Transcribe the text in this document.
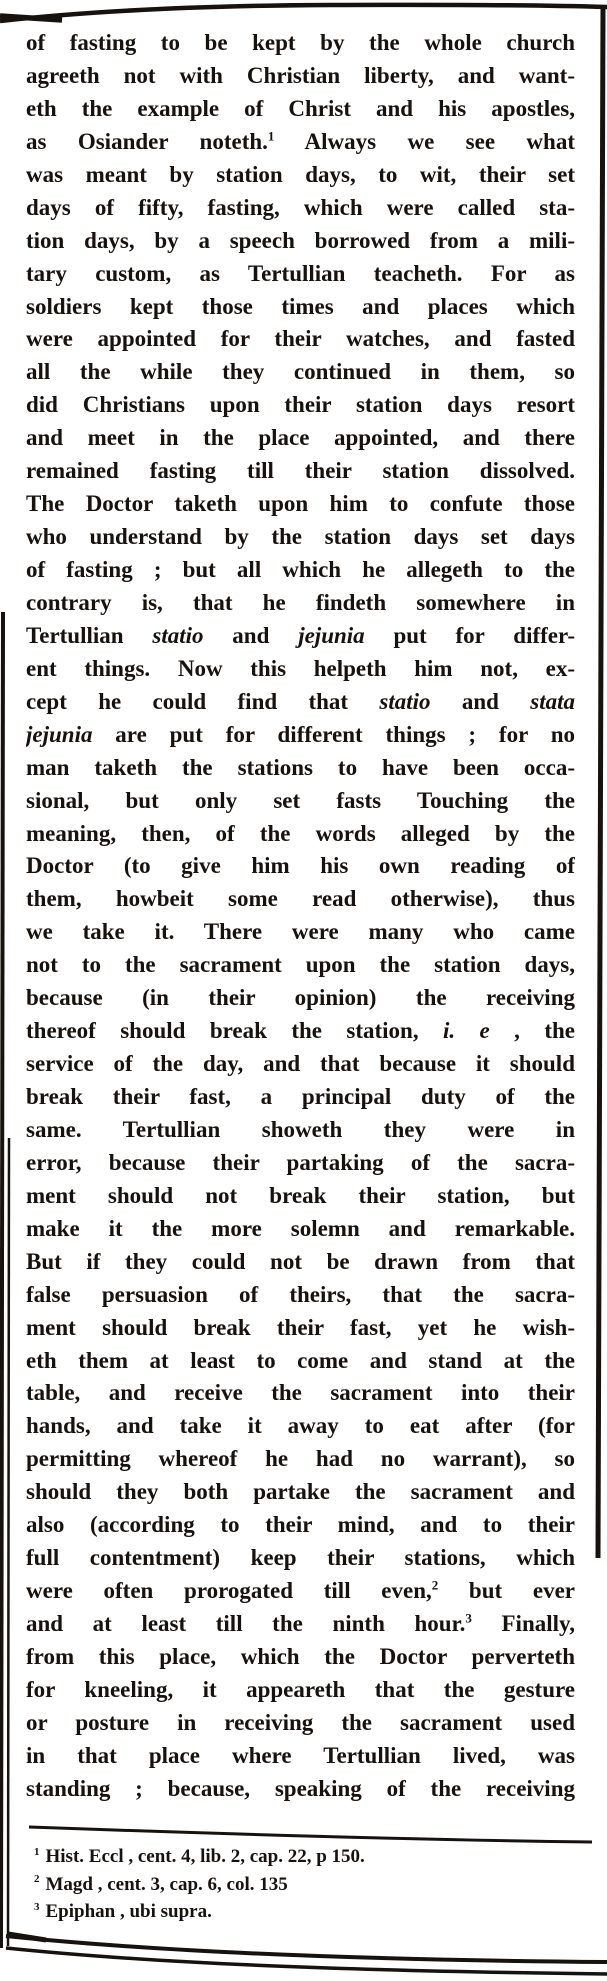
of fasting to be kept by the whole church
agreeth not with Christian liberty, and want-
eth the example of Christ and his apostles,
as Osiander noteth.$^1$ Always we see what
was meant by station days, to wit, their set
days of fifty, fasting, which were called sta-
tion days, by a speech borrowed from a mili-
tary custom, as Tertullian teacheth. For as
soldiers kept those times and places which
were appointed for their watches, and fasted
all the while they continued in them, so
did Christians upon their station days resort
and meet in the place appointed, and there
remained fasting till their station dissolved.
The Doctor taketh upon him to confute those
who understand by the station days set days
of fasting ; but all which he allegeth to the
contrary is, that he findeth somewhere in
Tertullian statio and jejunia put for differ-
ent things. Now this helpeth him not, ex-
cept he could find that statio and stata
jejunia are put for different things ; for no
man taketh the stations to have been occa-
sional, but only set fasts Touching the
meaning, then, of the words alleged by the
Doctor (to give him his own reading of
them, howbeit some read otherwise), thus
we take it. There were many who came
not to the sacrament upon the station days,
because (in their opinion) the receiving
thereof should break the station, i. e , the
service of the day, and that because it should
break their fast, a principal duty of the
same. Tertullian showeth they were in
error, because their partaking of the sacra-
ment should not break their station, but
make it the more solemn and remarkable.
But if they could not be drawn from that
false persuasion of theirs, that the sacra-
ment should break their fast, yet he wish-
eth them at least to come and stand at the
table, and receive the sacrament into their
hands, and take it away to eat after (for
permitting whereof he had no warrant), so
should they both partake the sacrament and
also (according to their mind, and to their
full contentment) keep their stations, which
were often prorogated till even,$^2$ but ever
and at least till the ninth hour.$^3$ Finally,
from this place, which the Doctor perverteth
for kneeling, it appeareth that the gesture
or posture in receiving the sacrament used
in that place where Tertullian lived, was
standing ; because, speaking of the receiving
$^1$ Hist. Eccl , cent. 4, lib. 2, cap. 22, p 150.
$^2$ Magd , cent. 3, cap. 6, col. 135
$^3$ Epiphan , ubi supra.
